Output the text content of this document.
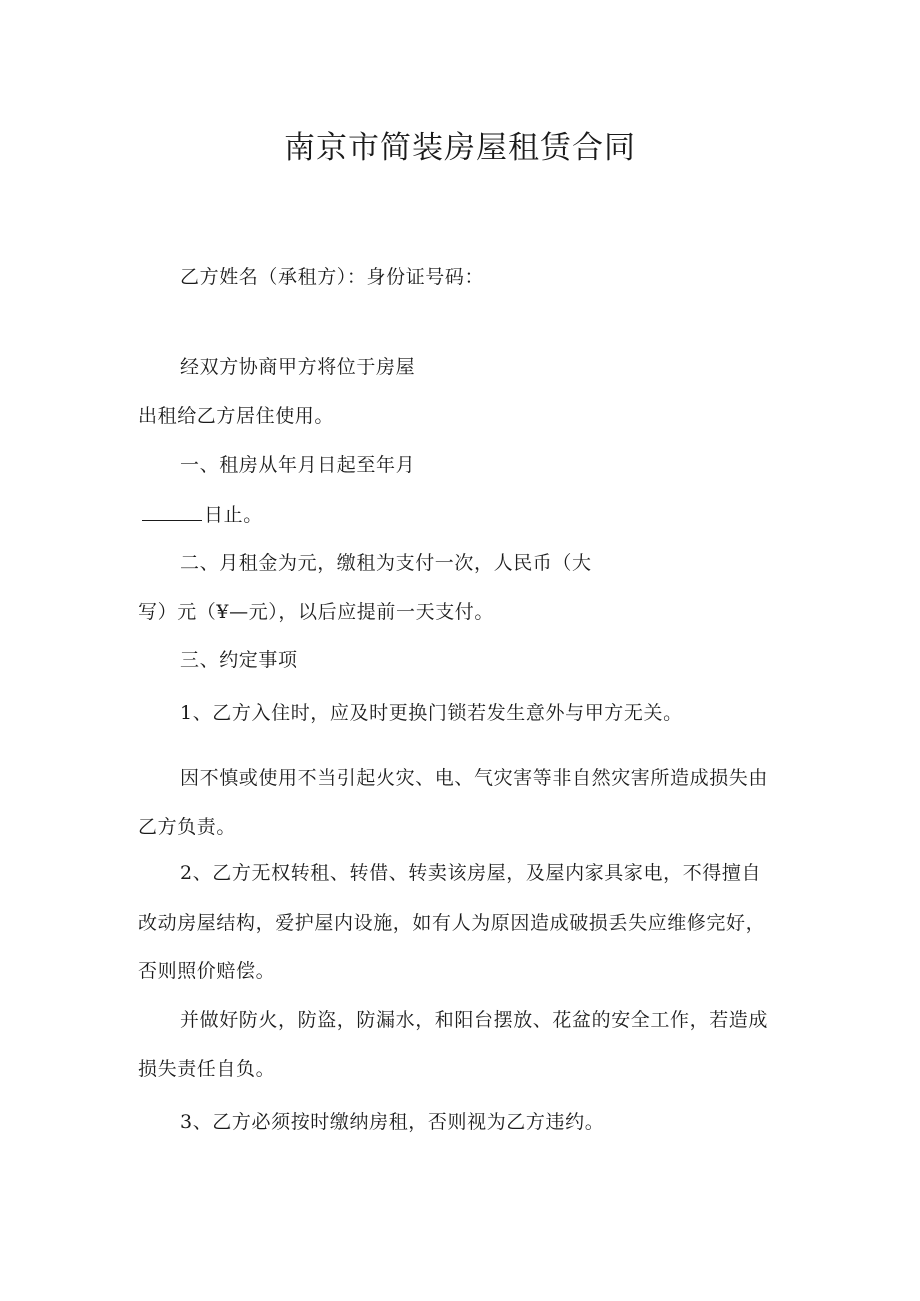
南京市简装房屋租赁合同
乙方姓名（承租方）：身份证号码：
经双方协商甲方将位于房屋
出租给乙方居住使用。
一、租房从年月日起至年月
日止。
二、月租金为元，缴租为支付一次，人民币（大
写）元（¥—元），以后应提前一天支付。
三、约定事项
1、乙方入住时，应及时更换门锁若发生意外与甲方无关。
因不慎或使用不当引起火灾、电、气灾害等非自然灾害所造成损失由
乙方负责。
2、乙方无权转租、转借、转卖该房屋，及屋内家具家电，不得擅自
改动房屋结构，爱护屋内设施，如有人为原因造成破损丢失应维修完好，
否则照价赔偿。
并做好防火，防盗，防漏水，和阳台摆放、花盆的安全工作，若造成
损失责任自负。
3、乙方必须按时缴纳房租，否则视为乙方违约。
